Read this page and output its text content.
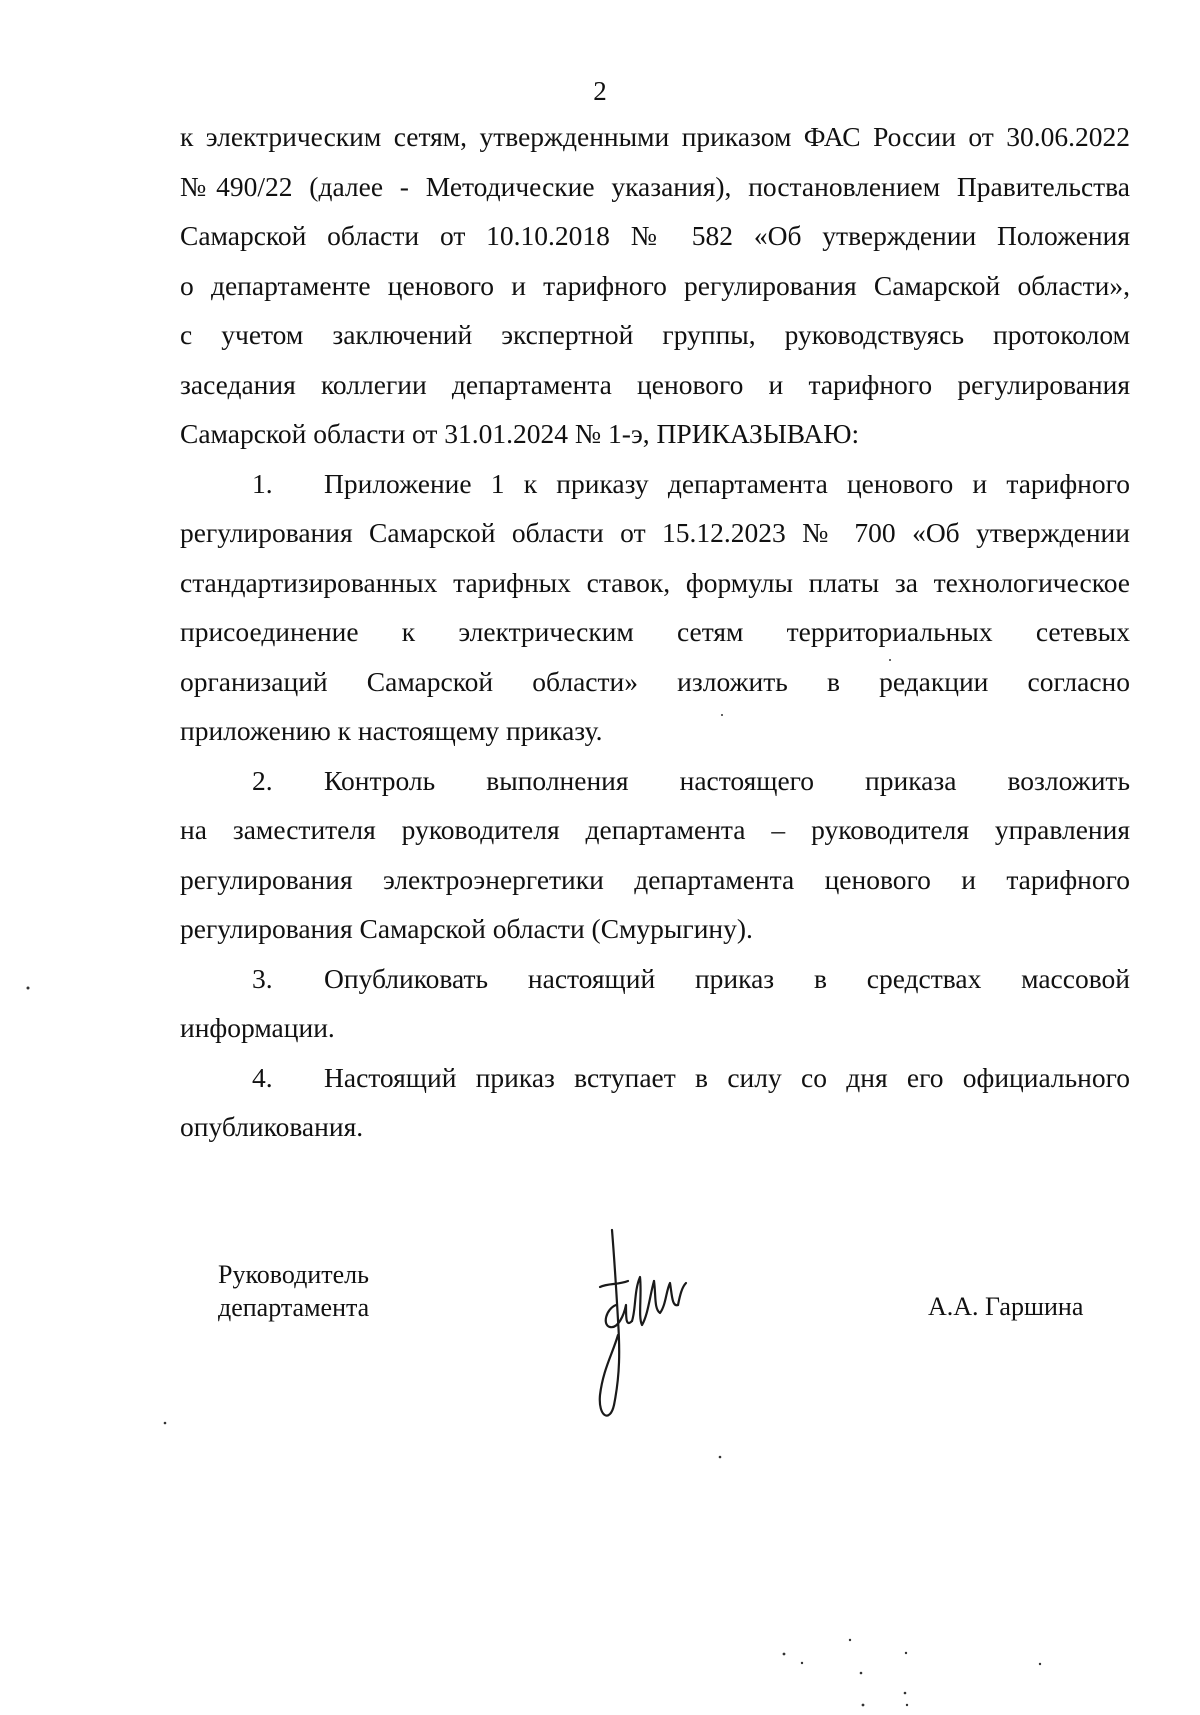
2
к электрическим сетям, утвержденными приказом ФАС России от 30.06.2022
№490/22 (далее - Методические указания), постановлением Правительства
Самарской области от 10.10.2018 № 582 «Об утверждении Положения
о департаменте ценового и тарифного регулирования Самарской области»,
с учетом заключений экспертной группы, руководствуясь протоколом
заседания коллегии департамента ценового и тарифного регулирования
Самарской области от 31.01.2024 № 1-э, ПРИКАЗЫВАЮ:
1. Приложение 1 к приказу департамента ценового и тарифного
регулирования Самарской области от 15.12.2023 № 700 «Об утверждении
стандартизированных тарифных ставок, формулы платы за технологическое
присоединение к электрическим сетям территориальных сетевых
организаций Самарской области» изложить в редакции согласно
приложению к настоящему приказу.
2. Контроль выполнения настоящего приказа возложить
на заместителя руководителя департамента – руководителя управления
регулирования электроэнергетики департамента ценового и тарифного
регулирования Самарской области (Смурыгину).
3. Опубликовать настоящий приказ в средствах массовой
информации.
4. Настоящий приказ вступает в силу со дня его официального
опубликования.
Руководитель
департамента	А.А. Гаршина
